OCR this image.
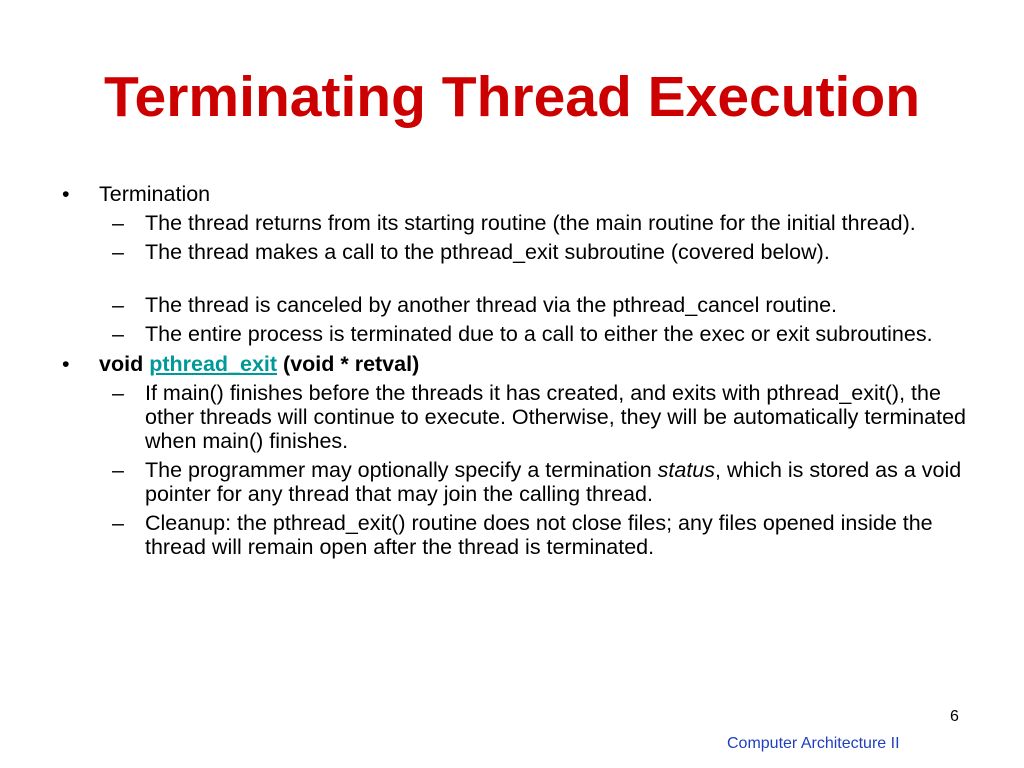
Terminating Thread Execution
• Termination
– The thread returns from its starting routine (the main routine for the initial thread).
– The thread makes a call to the pthread_exit subroutine (covered below).
– The thread is canceled by another thread via the pthread_cancel routine.
– The entire process is terminated due to a call to either the exec or exit subroutines.
• void pthread_exit (void * retval)
– If main() finishes before the threads it has created, and exits with pthread_exit(), the other threads will continue to execute. Otherwise, they will be automatically terminated when main() finishes.
– The programmer may optionally specify a termination status, which is stored as a void pointer for any thread that may join the calling thread.
– Cleanup: the pthread_exit() routine does not close files; any files opened inside the thread will remain open after the thread is terminated.
6
Computer Architecture II
